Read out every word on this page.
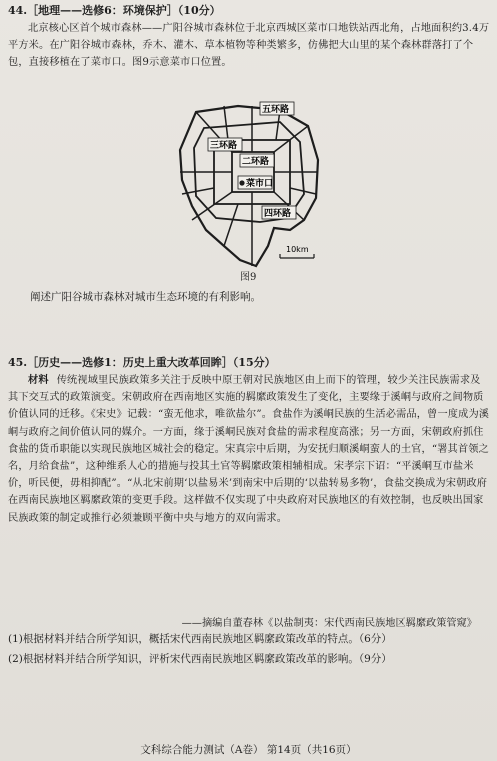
44.［地理——选修6：环境保护］（10分）
北京核心区首个城市森林——广阳谷城市森林位于北京西城区菜市口地铁站西北角，占地面积约3.4万平方米。在广阳谷城市森林，乔木、灌木、草本植物等种类繁多，仿佛把大山里的某个森林群落打了个包，直接移植在了菜市口。图9示意菜市口位置。
五环路
三环路
二环路
菜市口
四环路
10km
图9
阐述广阳谷城市森林对城市生态环境的有利影响。
45.［历史——选修1：历史上重大改革回眸］（15分）
材料 传统视域里民族政策多关注于反映中原王朝对民族地区由上而下的管理，较少关注民族需求及其下交互式的政策演变。宋朝政府在西南地区实施的羁縻政策发生了变化，主要缘于溪峒与政府之间物质价值认同的迁移。《宋史》记载：“蛮无他求，唯欲盐尔”。食盐作为溪峒民族的生活必需品，曾一度成为溪峒与政府之间价值认同的媒介。一方面，缘于溪峒民族对食盐的需求程度高涨；另一方面，宋朝政府抓住食盐的货币职能以实现民族地区城社会的稳定。宋真宗中后期，为安抚归顺溪峒蛮人的土官，“署其首领之名，月给食盐”，这种维系人心的措施与投其土官等羁縻政策相辅相成。宋孝宗下诏：“平溪峒互市盐米价，听民便，毋相抑配”。“从北宋前期‘以盐易米’到南宋中后期的‘以盐转易多物’，食盐交换成为宋朝政府在西南民族地区羁縻政策的变更手段。这样做不仅实现了中央政府对民族地区的有效控制，也反映出国家民族政策的制定或推行必须兼顾平衡中央与地方的双向需求。
——摘编自董春林《以盐制夷：宋代西南民族地区羁縻政策管窥》
(1)根据材料并结合所学知识，概括宋代西南民族地区羁縻政策改革的特点。（6分）
(2)根据材料并结合所学知识，评析宋代西南民族地区羁縻政策改革的影响。（9分）
文科综合能力测试（A卷） 第14页（共16页）
